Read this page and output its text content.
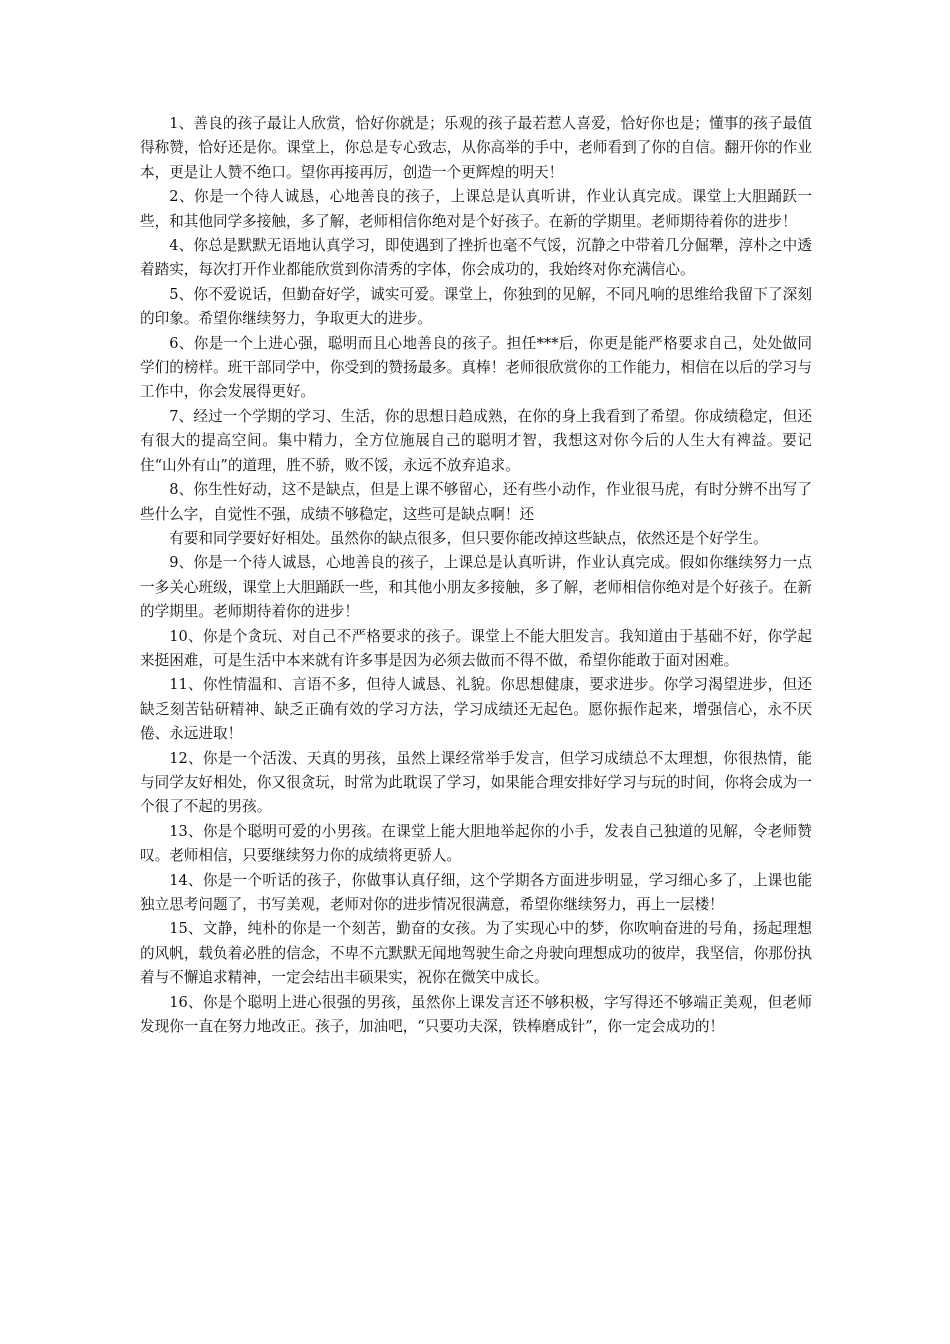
1、善良的孩子最让人欣赏，恰好你就是；乐观的孩子最若惹人喜爱，恰好你也是；懂事的孩子最值得称赞，恰好还是你。课堂上，你总是专心致志，从你高举的手中，老师看到了你的自信。翻开你的作业本，更是让人赞不绝口。望你再接再厉，创造一个更辉煌的明天！

2、你是一个待人诚恳，心地善良的孩子，上课总是认真听讲，作业认真完成。课堂上大胆踊跃一些，和其他同学多接触，多了解，老师相信你绝对是个好孩子。在新的学期里。老师期待着你的进步！

4、你总是默默无语地认真学习，即使遇到了挫折也毫不气馁，沉静之中带着几分倔犟，淳朴之中透着踏实，每次打开作业都能欣赏到你清秀的字体，你会成功的，我始终对你充满信心。

5、你不爱说话，但勤奋好学，诚实可爱。课堂上，你独到的见解，不同凡响的思维给我留下了深刻的印象。希望你继续努力，争取更大的进步。

6、你是一个上进心强，聪明而且心地善良的孩子。担任***后，你更是能严格要求自己，处处做同学们的榜样。班干部同学中，你受到的赞扬最多。真棒！老师很欣赏你的工作能力，相信在以后的学习与工作中，你会发展得更好。

7、经过一个学期的学习、生活，你的思想日趋成熟，在你的身上我看到了希望。你成绩稳定，但还有很大的提高空间。集中精力，全方位施展自己的聪明才智，我想这对你今后的人生大有裨益。要记住“山外有山”的道理，胜不骄，败不馁，永远不放弃追求。

8、你生性好动，这不是缺点，但是上课不够留心，还有些小动作，作业很马虎，有时分辨不出写了些什么字，自觉性不强，成绩不够稳定，这些可是缺点啊！还

有要和同学要好好相处。虽然你的缺点很多，但只要你能改掉这些缺点，依然还是个好学生。

9、你是一个待人诚恳，心地善良的孩子，上课总是认真听讲，作业认真完成。假如你继续努力一点一多关心班级，课堂上大胆踊跃一些，和其他小朋友多接触，多了解，老师相信你绝对是个好孩子。在新的学期里。老师期待着你的进步！

10、你是个贪玩、对自己不严格要求的孩子。课堂上不能大胆发言。我知道由于基础不好，你学起来挺困难，可是生活中本来就有许多事是因为必须去做而不得不做，希望你能敢于面对困难。

11、你性情温和、言语不多，但待人诚恳、礼貌。你思想健康，要求进步。你学习渴望进步，但还缺乏刻苦钻研精神、缺乏正确有效的学习方法，学习成绩还无起色。愿你振作起来，增强信心，永不厌倦、永远进取！

12、你是一个活泼、天真的男孩，虽然上课经常举手发言，但学习成绩总不太理想，你很热情，能与同学友好相处，你又很贪玩，时常为此耽误了学习，如果能合理安排好学习与玩的时间，你将会成为一个很了不起的男孩。

13、你是个聪明可爱的小男孩。在课堂上能大胆地举起你的小手，发表自己独道的见解，令老师赞叹。老师相信，只要继续努力你的成绩将更骄人。

14、你是一个听话的孩子，你做事认真仔细，这个学期各方面进步明显，学习细心多了，上课也能独立思考问题了，书写美观，老师对你的进步情况很满意，希望你继续努力，再上一层楼！

15、文静，纯朴的你是一个刻苦，勤奋的女孩。为了实现心中的梦，你吹响奋进的号角，扬起理想的风帆，载负着必胜的信念，不卑不亢默默无闻地驾驶生命之舟驶向理想成功的彼岸，我坚信，你那份执着与不懈追求精神，一定会结出丰硕果实，祝你在微笑中成长。

16、你是个聪明上进心很强的男孩，虽然你上课发言还不够积极，字写得还不够端正美观，但老师发现你一直在努力地改正。孩子，加油吧，“只要功夫深，铁棒磨成针”，你一定会成功的！
